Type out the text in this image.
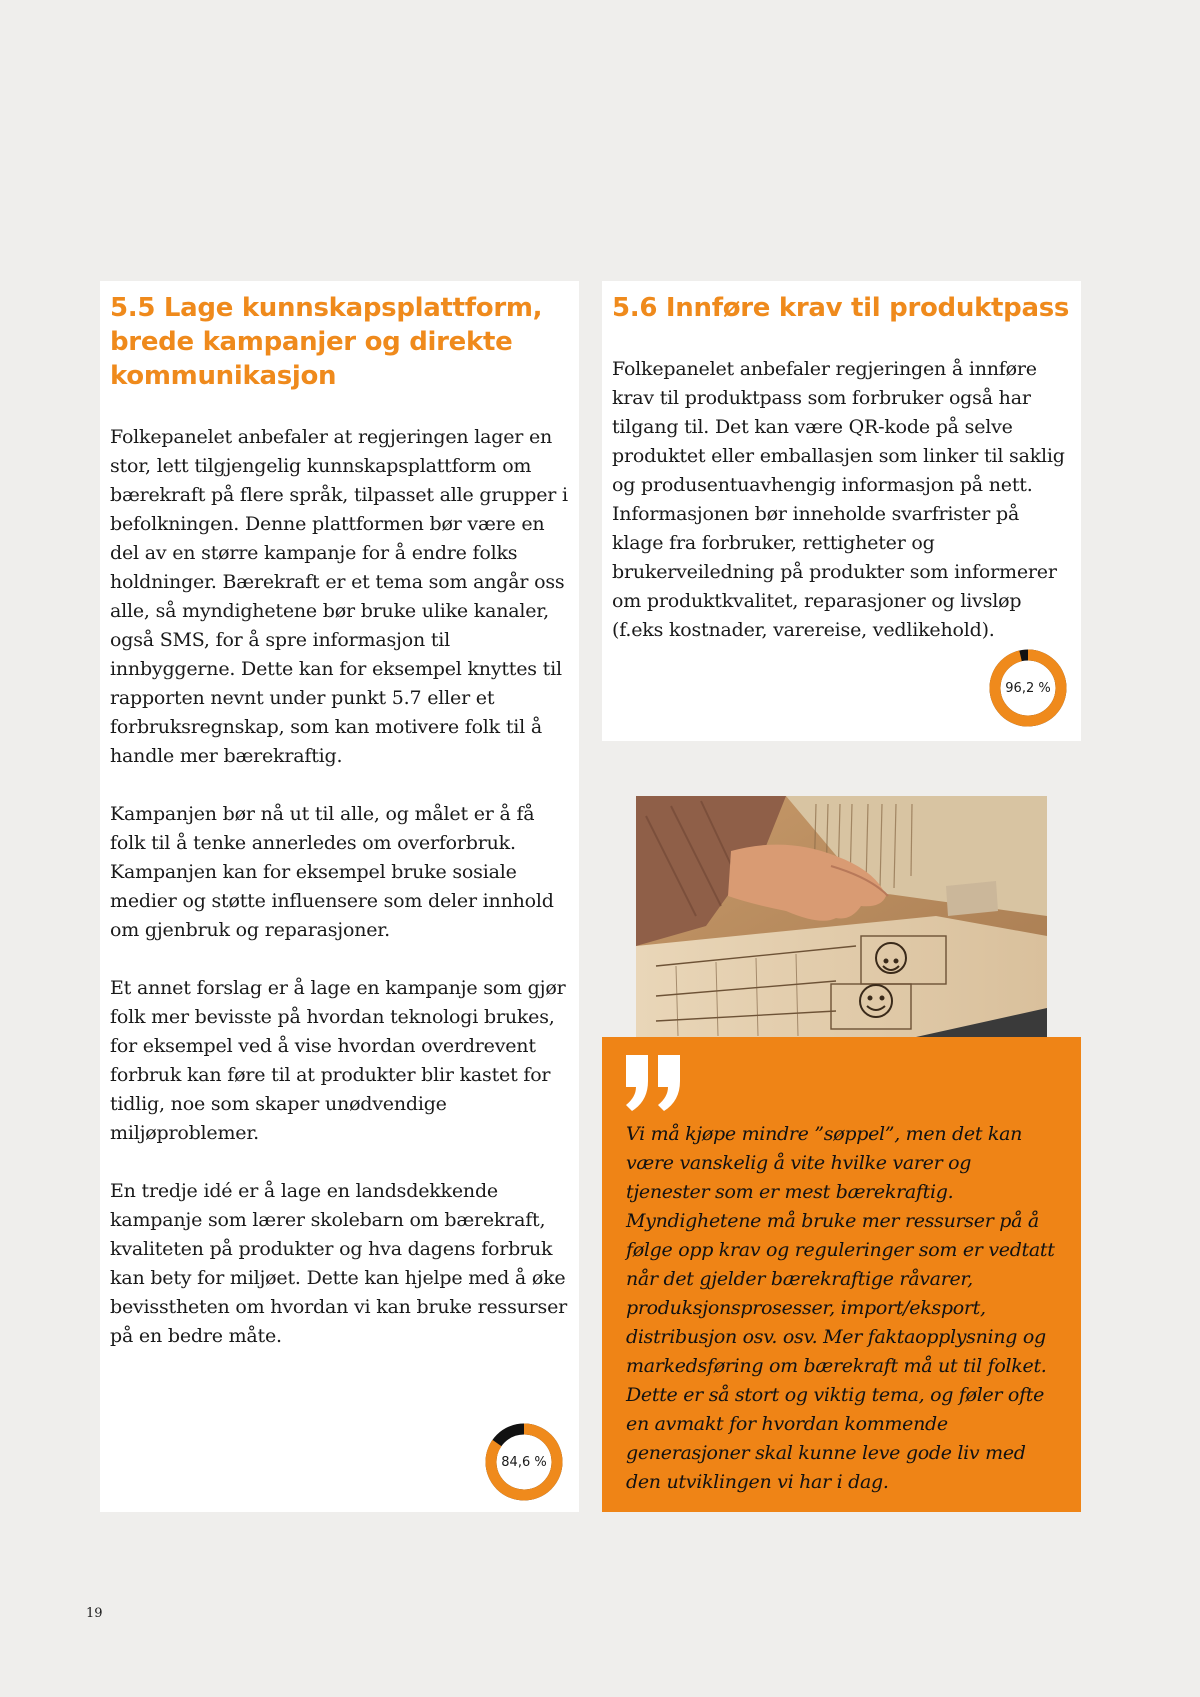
5.5 Lage kunnskapsplattform, brede kampanjer og direkte kommunikasjon

Folkepanelet anbefaler at regjeringen lager en stor, lett tilgjengelig kunnskapsplattform om bærekraft på flere språk, tilpasset alle grupper i befolkningen. Denne plattformen bør være en del av en større kampanje for å endre folks holdninger. Bærekraft er et tema som angår oss alle, så myndighetene bør bruke ulike kanaler, også SMS, for å spre informasjon til innbyggerne. Dette kan for eksempel knyttes til rapporten nevnt under punkt 5.7 eller et forbruksregnskap, som kan motivere folk til å handle mer bærekraftig.

Kampanjen bør nå ut til alle, og målet er å få folk til å tenke annerledes om overforbruk. Kampanjen kan for eksempel bruke sosiale medier og støtte influensere som deler innhold om gjenbruk og reparasjoner.

Et annet forslag er å lage en kampanje som gjør folk mer bevisste på hvordan teknologi brukes, for eksempel ved å vise hvordan overdrevent forbruk kan føre til at produkter blir kastet for tidlig, noe som skaper unødvendige miljøproblemer.

En tredje idé er å lage en landsdekkende kampanje som lærer skolebarn om bærekraft, kvaliteten på produkter og hva dagens forbruk kan bety for miljøet. Dette kan hjelpe med å øke bevisstheten om hvordan vi kan bruke ressurser på en bedre måte.

84,6 %
5.6 Innføre krav til produktpass

Folkepanelet anbefaler regjeringen å innføre krav til produktpass som forbruker også har tilgang til. Det kan være QR-kode på selve produktet eller emballasjen som linker til saklig og produsentuavhengig informasjon på nett. Informasjonen bør inneholde svarfrister på klage fra forbruker, rettigheter og brukerveiledning på produkter som informerer om produktkvalitet, reparasjoner og livsløp (f.eks kostnader, varereise, vedlikehold).

96,2 %

Vi må kjøpe mindre ”søppel”, men det kan være vanskelig å vite hvilke varer og tjenester som er mest bærekraftig. Myndighetene må bruke mer ressurser på å følge opp krav og reguleringer som er vedtatt når det gjelder bærekraftige råvarer, produksjonsprosesser, import/eksport, distribusjon osv. osv. Mer faktaopplysning og markedsføring om bærekraft må ut til folket. Dette er så stort og viktig tema, og føler ofte en avmakt for hvordan kommende generasjoner skal kunne leve gode liv med den utviklingen vi har i dag.

19
